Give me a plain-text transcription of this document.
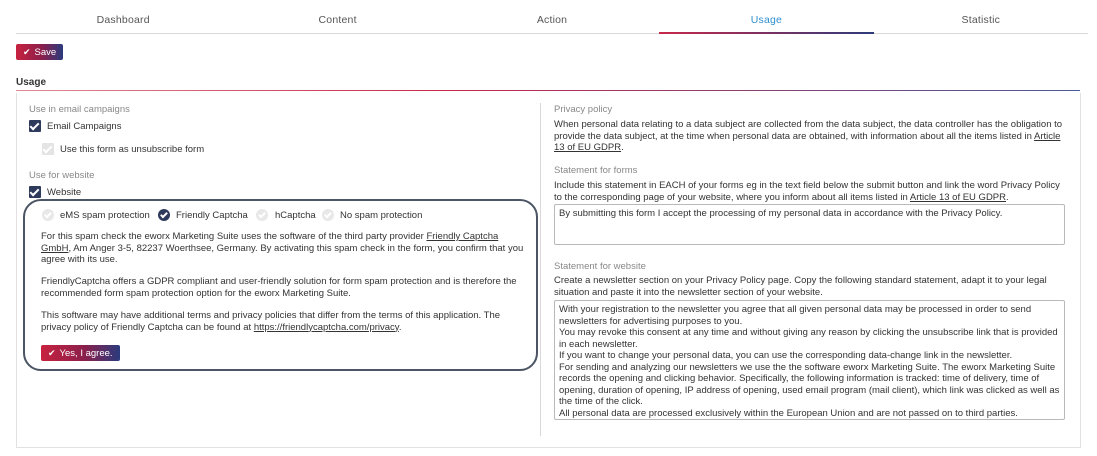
Dashboard	Content	Action	Usage	Statistic
✔ Save
Usage
Use in email campaigns
Email Campaigns
Use this form as unsubscribe form
Use for website
Website
eMS spam protection	Friendly Captcha	hCaptcha	No spam protection
For this spam check the eworx Marketing Suite uses the software of the third party provider Friendly Captcha GmbH, Am Anger 3-5, 82237 Woerthsee, Germany. By activating this spam check in the form, you confirm that you agree with its use.
FriendlyCaptcha offers a GDPR compliant and user-friendly solution for form spam protection and is therefore the recommended form spam protection option for the eworx Marketing Suite.
This software may have additional terms and privacy policies that differ from the terms of this application. The privacy policy of Friendly Captcha can be found at https://friendlycaptcha.com/privacy.
✔ Yes, I agree.
Privacy policy
When personal data relating to a data subject are collected from the data subject, the data controller has the obligation to provide the data subject, at the time when personal data are obtained, with information about all the items listed in Article 13 of EU GDPR.
Statement for forms
Include this statement in EACH of your forms eg in the text field below the submit button and link the word Privacy Policy to the corresponding page of your website, where you inform about all items listed in Article 13 of EU GDPR.
By submitting this form I accept the processing of my personal data in accordance with the Privacy Policy.
Statement for website
Create a newsletter section on your Privacy Policy page. Copy the following standard statement, adapt it to your legal situation and paste it into the newsletter section of your website.
With your registration to the newsletter you agree that all given personal data may be processed in order to send newsletters for advertising purposes to you.
You may revoke this consent at any time and without giving any reason by clicking the unsubscribe link that is provided in each newsletter.
If you want to change your personal data, you can use the corresponding data-change link in the newsletter.
For sending and analyzing our newsletters we use the the software eworx Marketing Suite. The eworx Marketing Suite records the opening and clicking behavior. Specifically, the following information is tracked: time of delivery, time of opening, duration of opening, IP address of opening, used email program (mail client), which link was clicked as well as the time of the click.
All personal data are processed exclusively within the European Union and are not passed on to third parties.
